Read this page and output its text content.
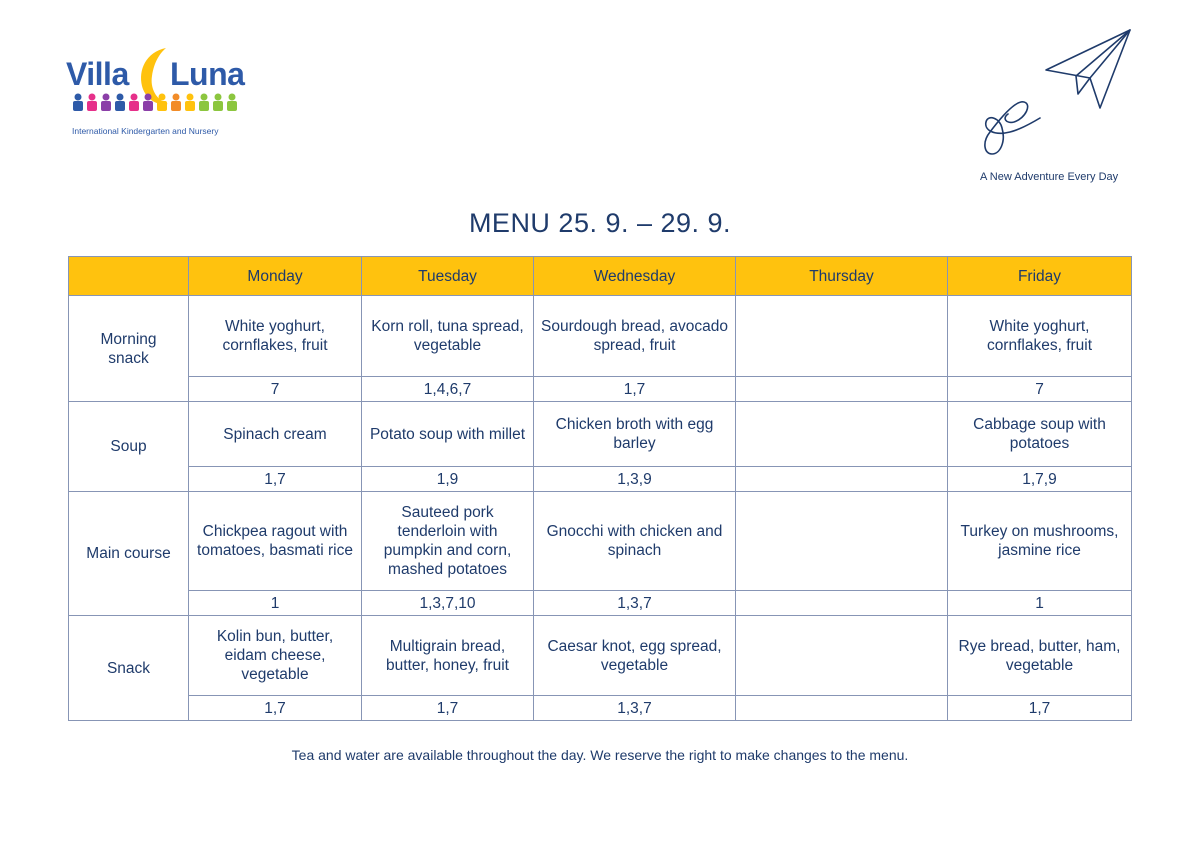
Villa Luna
International Kindergarten and Nursery
A New Adventure Every Day
MENU 25. 9. – 29. 9.
	Monday	Tuesday	Wednesday	Thursday	Friday
Morning snack	White yoghurt, cornflakes, fruit	Korn roll, tuna spread, vegetable	Sourdough bread, avocado spread, fruit		White yoghurt, cornflakes, fruit
	7	1,4,6,7	1,7		7
Soup	Spinach cream	Potato soup with millet	Chicken broth with egg barley		Cabbage soup with potatoes
	1,7	1,9	1,3,9		1,7,9
Main course	Chickpea ragout with tomatoes, basmati rice	Sauteed pork tenderloin with pumpkin and corn, mashed potatoes	Gnocchi with chicken and spinach		Turkey on mushrooms, jasmine rice
	1	1,3,7,10	1,3,7		1
Snack	Kolin bun, butter, eidam cheese, vegetable	Multigrain bread, butter, honey, fruit	Caesar knot, egg spread, vegetable		Rye bread, butter, ham, vegetable
	1,7	1,7	1,3,7		1,7
Tea and water are available throughout the day. We reserve the right to make changes to the menu.
